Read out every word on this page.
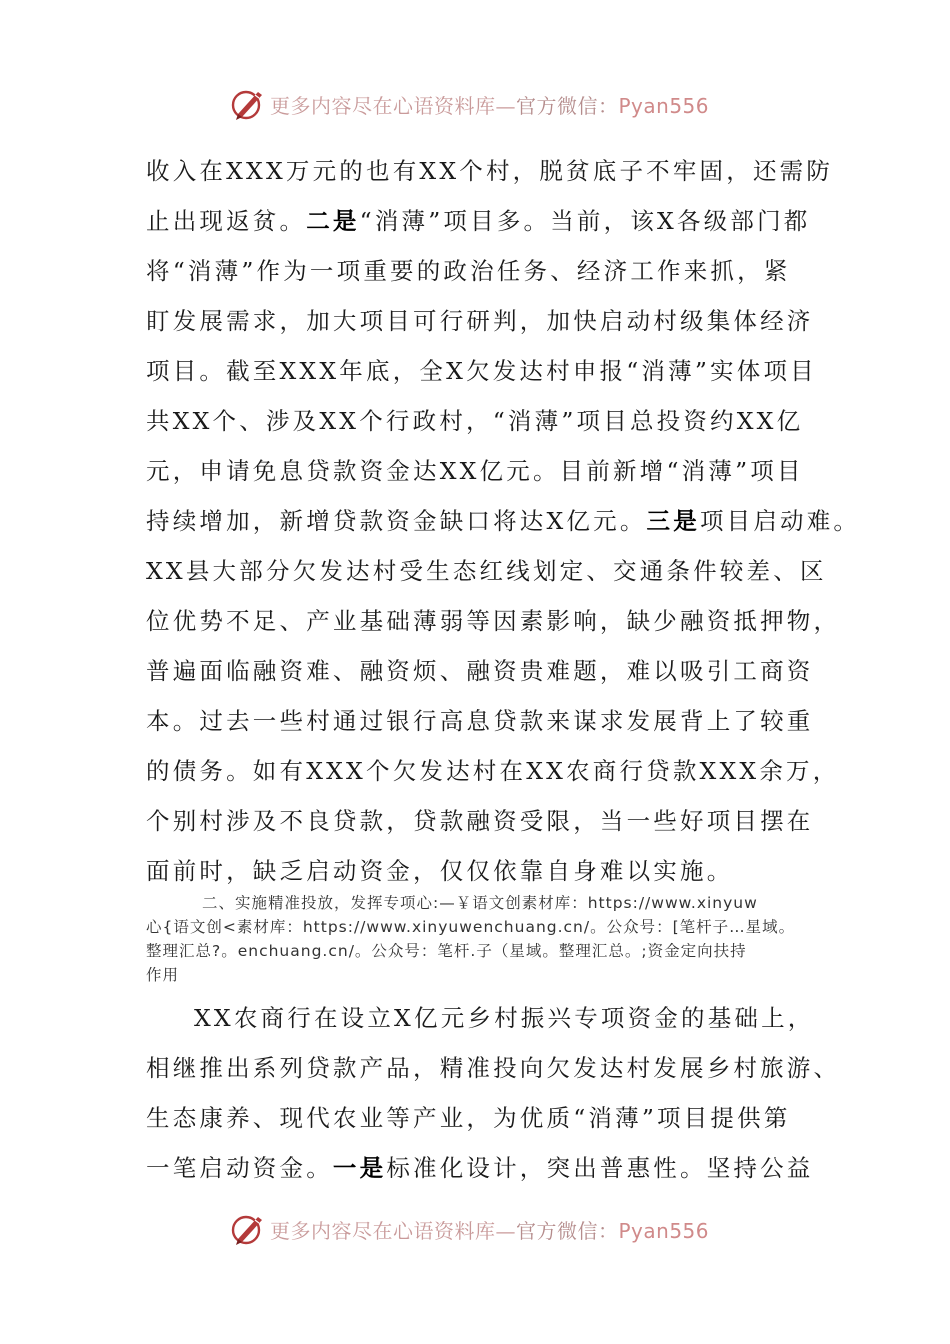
更多内容尽在心语资料库—官方微信：Pyan556
收入在XXX万元的也有XX个村，脱贫底子不牢固，还需防
止出现返贫。二是“消薄”项目多。当前，该X各级部门都
将“消薄”作为一项重要的政治任务、经济工作来抓，紧
盯发展需求，加大项目可行研判，加快启动村级集体经济
项目。截至XXX年底，全X欠发达村申报“消薄”实体项目
共XX个、涉及XX个行政村，“消薄”项目总投资约XX亿
元，申请免息贷款资金达XX亿元。目前新增“消薄”项目
持续增加，新增贷款资金缺口将达X亿元。三是项目启动难。
XX县大部分欠发达村受生态红线划定、交通条件较差、区
位优势不足、产业基础薄弱等因素影响，缺少融资抵押物，
普遍面临融资难、融资烦、融资贵难题，难以吸引工商资
本。过去一些村通过银行高息贷款来谋求发展背上了较重
的债务。如有XXX个欠发达村在XX农商行贷款XXX余万，
个别村涉及不良贷款，贷款融资受限，当一些好项目摆在
面前时，缺乏启动资金，仅仅依靠自身难以实施。
二、实施精准投放，发挥专项心:—￥语文创素材库：https://www.xinyuw
心{语文创<素材库：https://www.xinyuwenchuang.cn/。公众号：[笔杆子…星域。
整理汇总?。enchuang.cn/。公众号：笔杆.子（星域。整理汇总。;资金定向扶持
作用
XX农商行在设立X亿元乡村振兴专项资金的基础上，
相继推出系列贷款产品，精准投向欠发达村发展乡村旅游、
生态康养、现代农业等产业，为优质“消薄”项目提供第
一笔启动资金。一是标准化设计，突出普惠性。坚持公益
更多内容尽在心语资料库—官方微信：Pyan556
